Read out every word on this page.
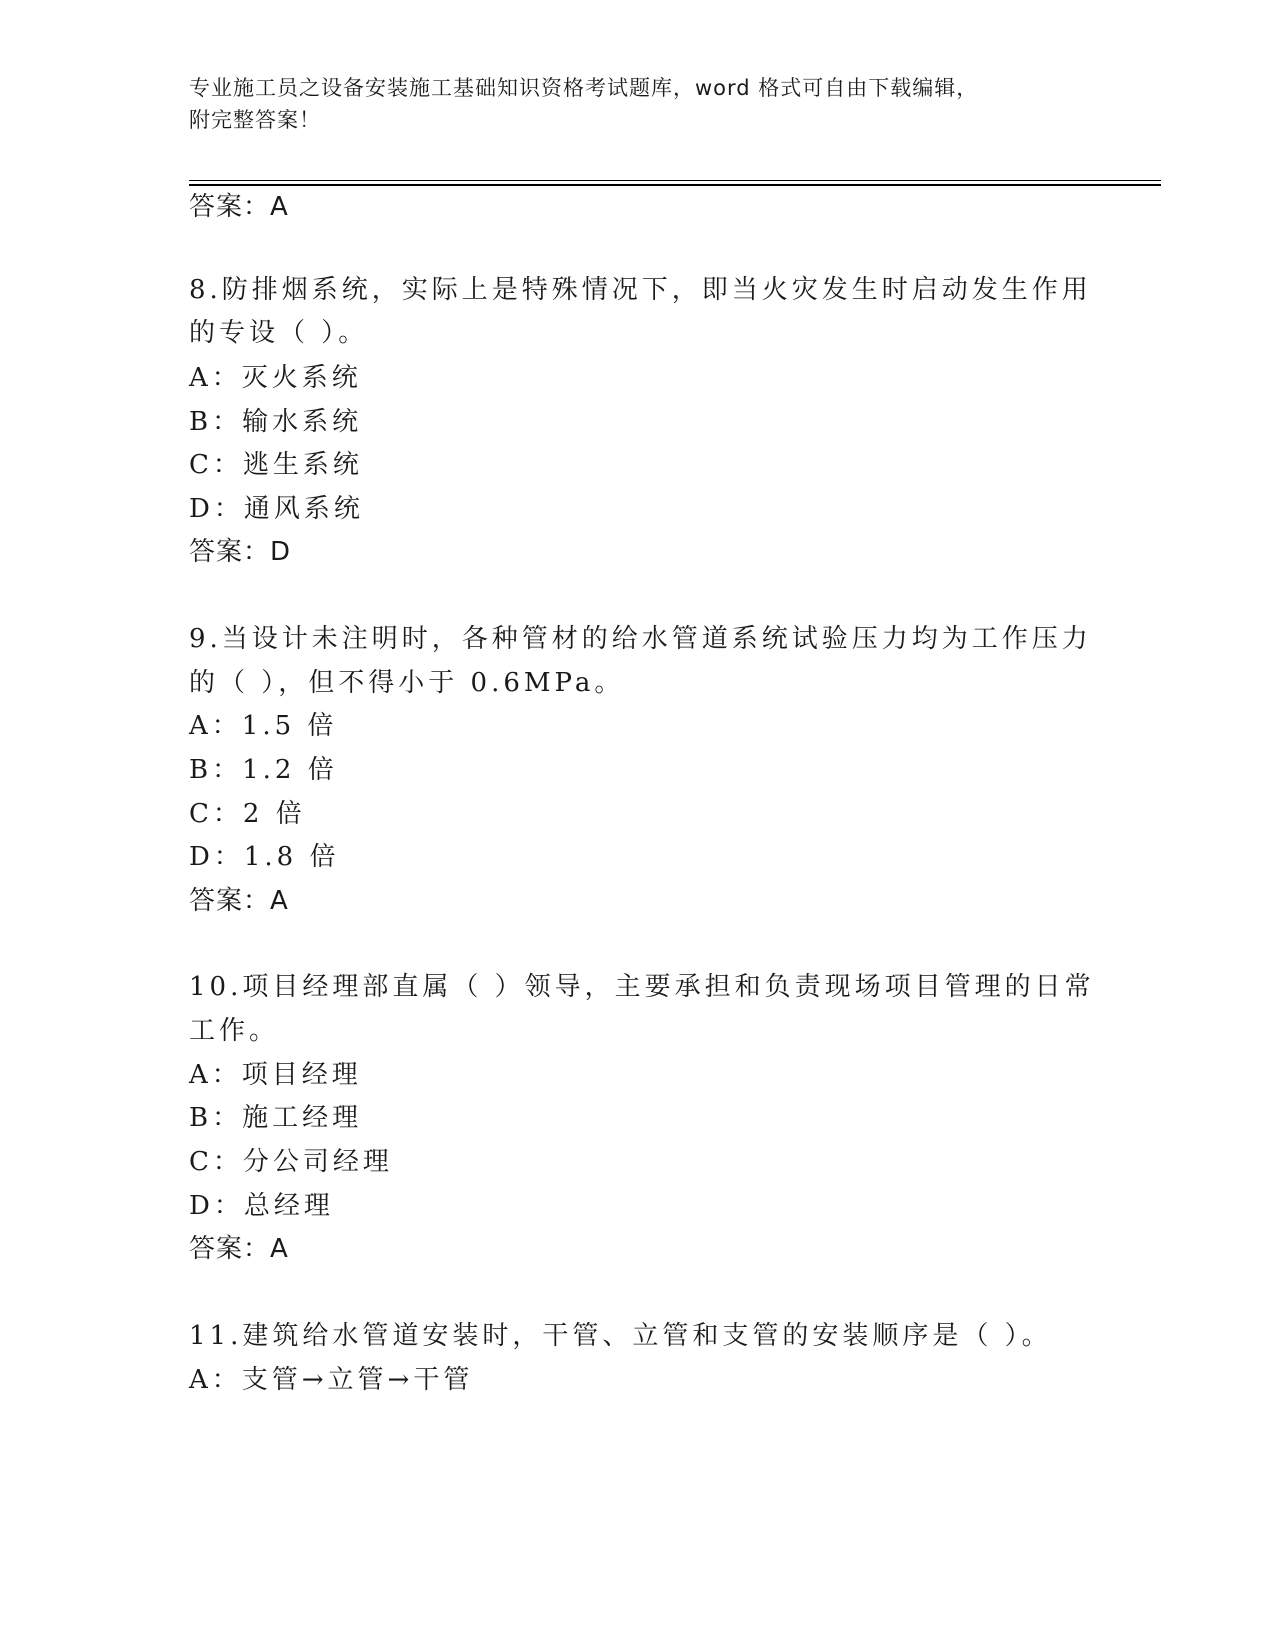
专业施工员之设备安装施工基础知识资格考试题库，word 格式可自由下载编辑，
附完整答案！
答案：A
8.防排烟系统，实际上是特殊情况下，即当火灾发生时启动发生作用
的专设（ ）。
A：灭火系统
B：输水系统
C：逃生系统
D：通风系统
答案：D
9.当设计未注明时，各种管材的给水管道系统试验压力均为工作压力
的（ ），但不得小于 0.6MPa。
A：1.5 倍
B：1.2 倍
C：2 倍
D：1.8 倍
答案：A
10.项目经理部直属（ ）领导，主要承担和负责现场项目管理的日常
工作。
A：项目经理
B：施工经理
C：分公司经理
D：总经理
答案：A
11.建筑给水管道安装时，干管、立管和支管的安装顺序是（ ）。
A：支管→立管→干管
